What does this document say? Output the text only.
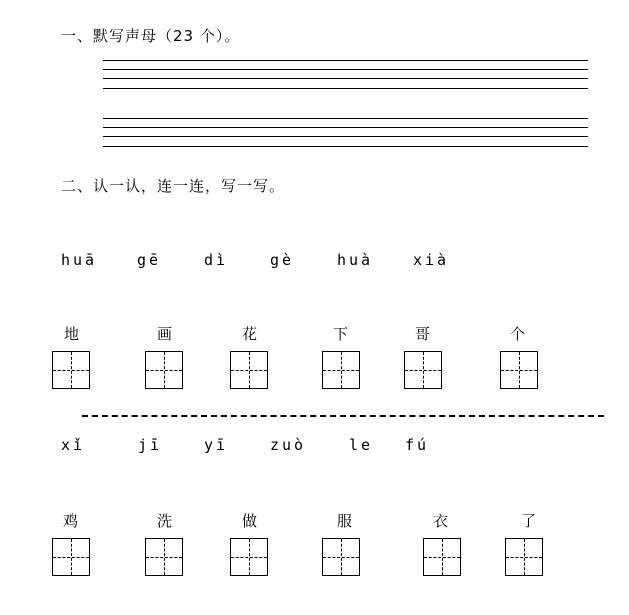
一、默写声母（23 个）。
二、认一认，连一连，写一写。
huā	gē	dì	gè	huà	xià
地	画	花	下	哥	个
xǐ	jī	yī	zuò	le fú
鸡	洗	做	服	衣	了
